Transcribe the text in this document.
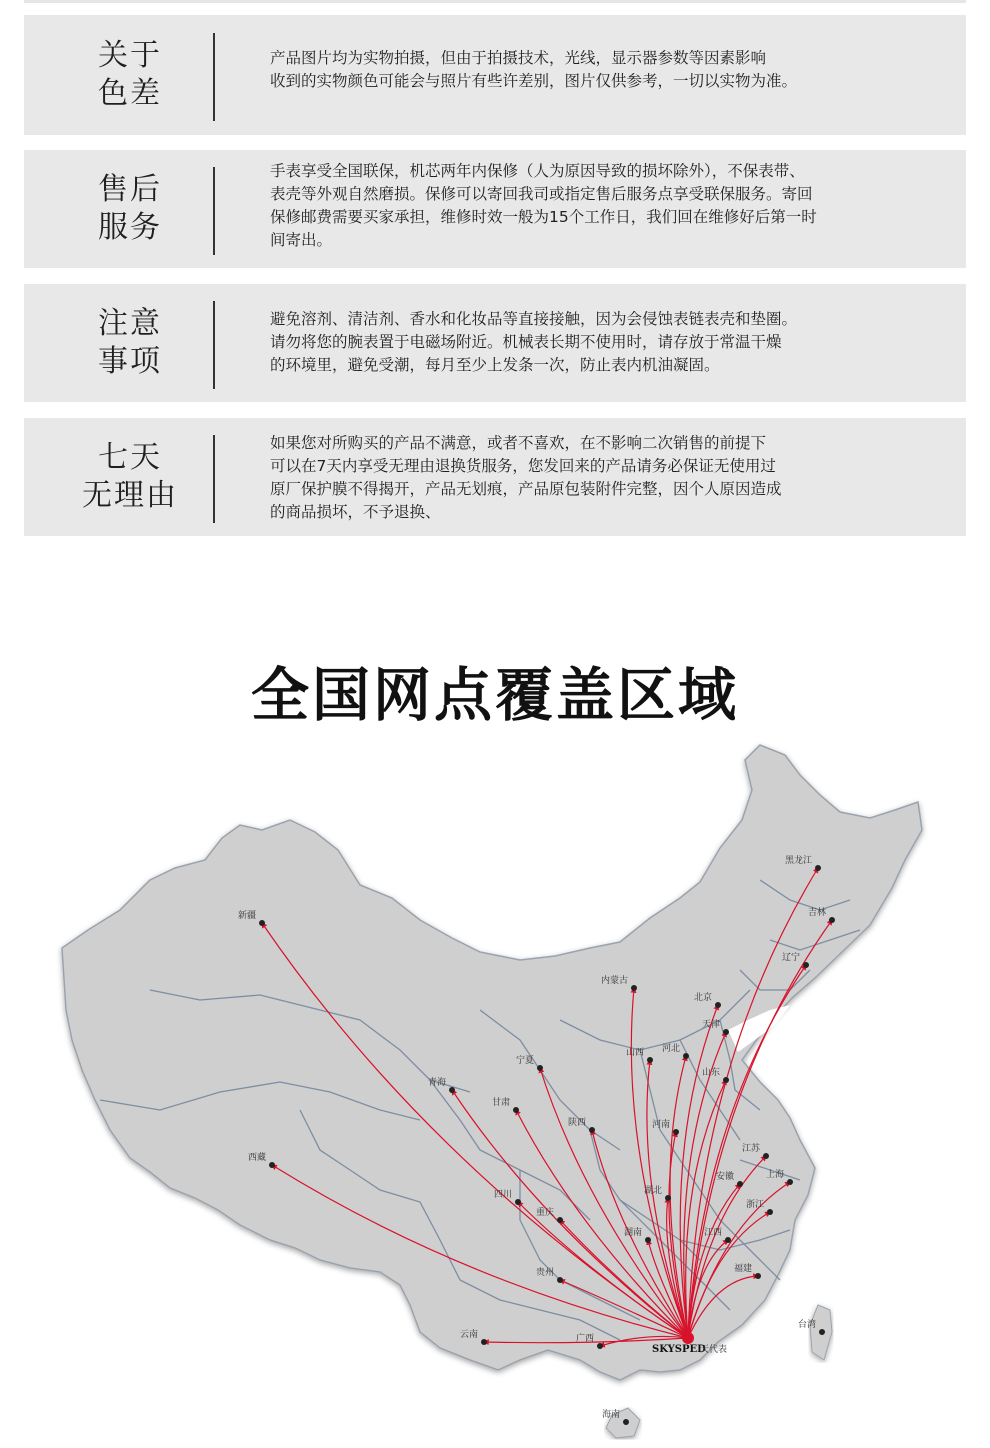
关于
色差
产品图片均为实物拍摄，但由于拍摄技术，光线，显示器参数等因素影响
收到的实物颜色可能会与照片有些许差别，图片仅供参考，一切以实物为准。
售后
服务
手表享受全国联保，机芯两年内保修（人为原因导致的损坏除外），不保表带、
表壳等外观自然磨损。保修可以寄回我司或指定售后服务点享受联保服务。寄回
保修邮费需要买家承担，维修时效一般为15个工作日，我们回在维修好后第一时
间寄出。
注意
事项
避免溶剂、清洁剂、香水和化妆品等直接接触，因为会侵蚀表链表壳和垫圈。
请勿将您的腕表置于电磁场附近。机械表长期不使用时，请存放于常温干燥
的环境里，避免受潮，每月至少上发条一次，防止表内机油凝固。
七天
无理由
如果您对所购买的产品不满意，或者不喜欢，在不影响二次销售的前提下
可以在7天内享受无理由退换货服务，您发回来的产品请务必保证无使用过
原厂保护膜不得揭开，产品无划痕，产品原包装附件完整，因个人原因造成
的商品损坏，不予退换、
全国网点覆盖区域
新疆
西藏
青海
甘肃
宁夏
内蒙古
山西
陕西
四川
重庆
云南
贵州
广西
海南
湖北
湖南
河南
河北
北京
天津
山东
江苏
安徽	上海
浙江
江西
福建
台湾
辽宁
吉林
黑龙江
SKYSPED
天代表
